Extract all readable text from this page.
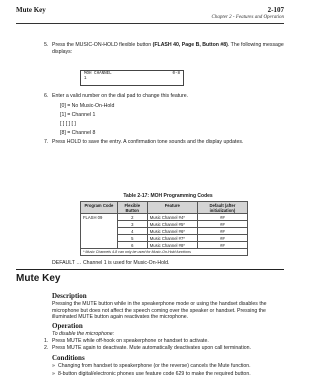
Mute Key	2-107
Chapter 2 - Features and Operation
5. Press the MUSIC-ON-HOLD flexible button (FLASH 40, Page B, Button #8). The following message displays:
MOH CHANNEL	0-8
1
6. Enter a valid number on the dial pad to change this feature.
[0] = No Music-On-Hold
[1] = Channel 1
[ ] [ ] [ ]
[8] = Channel 8
7. Press HOLD to save the entry. A confirmation tone sounds and the display updates.
Table 2-17: MOH Programming Codes
Program Code	Flexible Button	Feature	Default (after initialization)
FLASH 09	2	Music Channel #4*	##
	3	Music Channel #5*	##
	4	Music Channel #6*	##
	5	Music Channel #7*	##
	6	Music Channel #8*	##
* Music Channels 4-8 can only be used for Music-On-Hold functions			
DEFAULT … Channel 1 is used for Music-On-Hold.
Mute Key
Description
Pressing the MUTE button while in the speakerphone mode or using the handset disables the microphone but does not affect the speech coming over the speaker or handset. Pressing the illuminated MUTE button again reactivates the microphone.
Operation
To disable the microphone:
1. Press MUTE while off-hook on speakerphone or handset to activate.
2. Press MUTE again to deactivate. Mute automatically deactivates upon call termination.
Conditions
» Changing from handset to speakerphone (or the reverse) cancels the Mute function.
» 8-button digital/electronic phones use feature code 629 to make the required button.
